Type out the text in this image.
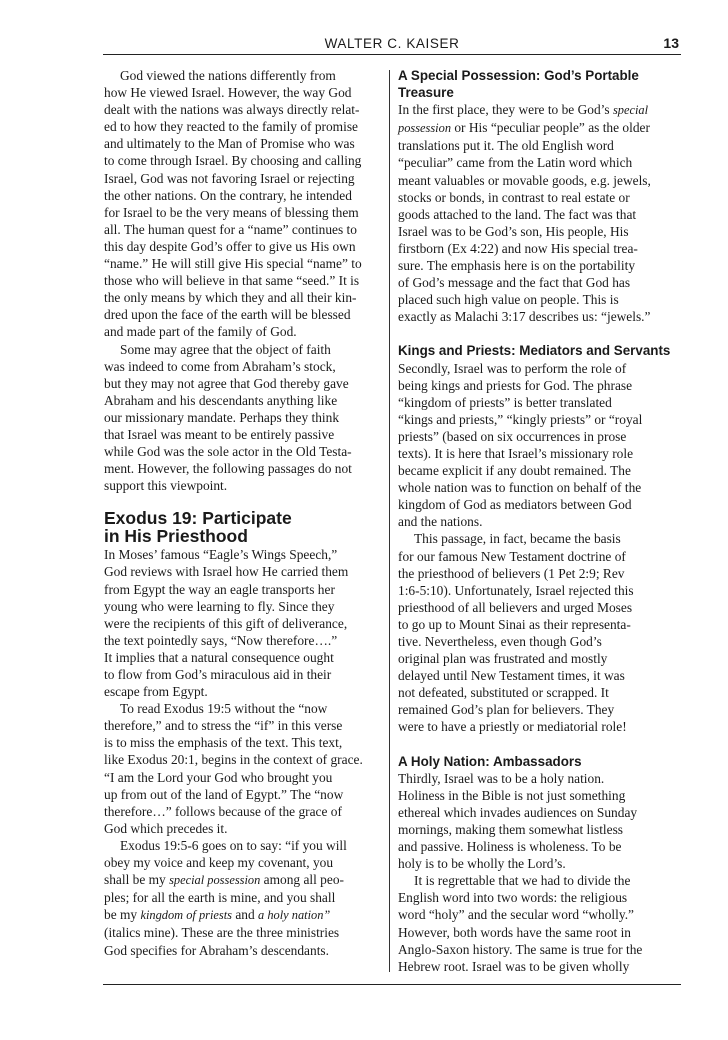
WALTER C. KAISER	13

God viewed the nations differently from
how He viewed Israel. However, the way God
dealt with the nations was always directly relat-
ed to how they reacted to the family of promise
and ultimately to the Man of Promise who was
to come through Israel. By choosing and calling
Israel, God was not favoring Israel or rejecting
the other nations. On the contrary, he intended
for Israel to be the very means of blessing them
all. The human quest for a “name” continues to
this day despite God’s offer to give us His own
“name.” He will still give His special “name” to
those who will believe in that same “seed.” It is
the only means by which they and all their kin-
dred upon the face of the earth will be blessed
and made part of the family of God.

Some may agree that the object of faith
was indeed to come from Abraham’s stock,
but they may not agree that God thereby gave
Abraham and his descendants anything like
our missionary mandate. Perhaps they think
that Israel was meant to be entirely passive
while God was the sole actor in the Old Testa-
ment. However, the following passages do not
support this viewpoint.

Exodus 19: Participate
in His Priesthood

In Moses’ famous “Eagle’s Wings Speech,”
God reviews with Israel how He carried them
from Egypt the way an eagle transports her
young who were learning to fly. Since they
were the recipients of this gift of deliverance,
the text pointedly says, “Now therefore….”

It implies that a natural consequence ought
to flow from God’s miraculous aid in their
escape from Egypt.

To read Exodus 19:5 without the “now
therefore,” and to stress the “if” in this verse
is to miss the emphasis of the text. This text,
like Exodus 20:1, begins in the context of grace.
“I am the Lord your God who brought you
up from out of the land of Egypt.” The “now
therefore…” follows because of the grace of
God which precedes it.

Exodus 19:5-6 goes on to say: “if you will
obey my voice and keep my covenant, you
shall be my special possession among all peo-
ples; for all the earth is mine, and you shall
be my kingdom of priests and a holy nation”
(italics mine). These are the three ministries
God specifies for Abraham’s descendants.

A Special Possession: God’s Portable Treasure

In the first place, they were to be God’s special
possession or His “peculiar people” as the older
translations put it. The old English word
“peculiar” came from the Latin word which
meant valuables or movable goods, e.g. jewels,
stocks or bonds, in contrast to real estate or
goods attached to the land. The fact was that
Israel was to be God’s son, His people, His
firstborn (Ex 4:22) and now His special trea-
sure. The emphasis here is on the portability
of God’s message and the fact that God has
placed such high value on people. This is
exactly as Malachi 3:17 describes us: “jewels.”

Kings and Priests: Mediators and Servants

Secondly, Israel was to perform the role of
being kings and priests for God. The phrase
“kingdom of priests” is better translated
“kings and priests,” “kingly priests” or “royal
priests” (based on six occurrences in prose
texts). It is here that Israel’s missionary role
became explicit if any doubt remained. The
whole nation was to function on behalf of the
kingdom of God as mediators between God
and the nations.

This passage, in fact, became the basis
for our famous New Testament doctrine of
the priesthood of believers (1 Pet 2:9; Rev
1:6-5:10). Unfortunately, Israel rejected this
priesthood of all believers and urged Moses
to go up to Mount Sinai as their representa-
tive. Nevertheless, even though God’s
original plan was frustrated and mostly
delayed until New Testament times, it was
not defeated, substituted or scrapped. It
remained God’s plan for believers. They
were to have a priestly or mediatorial role!

A Holy Nation: Ambassadors

Thirdly, Israel was to be a holy nation.
Holiness in the Bible is not just something
ethereal which invades audiences on Sunday
mornings, making them somewhat listless
and passive. Holiness is wholeness. To be
holy is to be wholly the Lord’s.

It is regrettable that we had to divide the
English word into two words: the religious
word “holy” and the secular word “wholly.”
However, both words have the same root in
Anglo-Saxon history. The same is true for the
Hebrew root. Israel was to be given wholly
